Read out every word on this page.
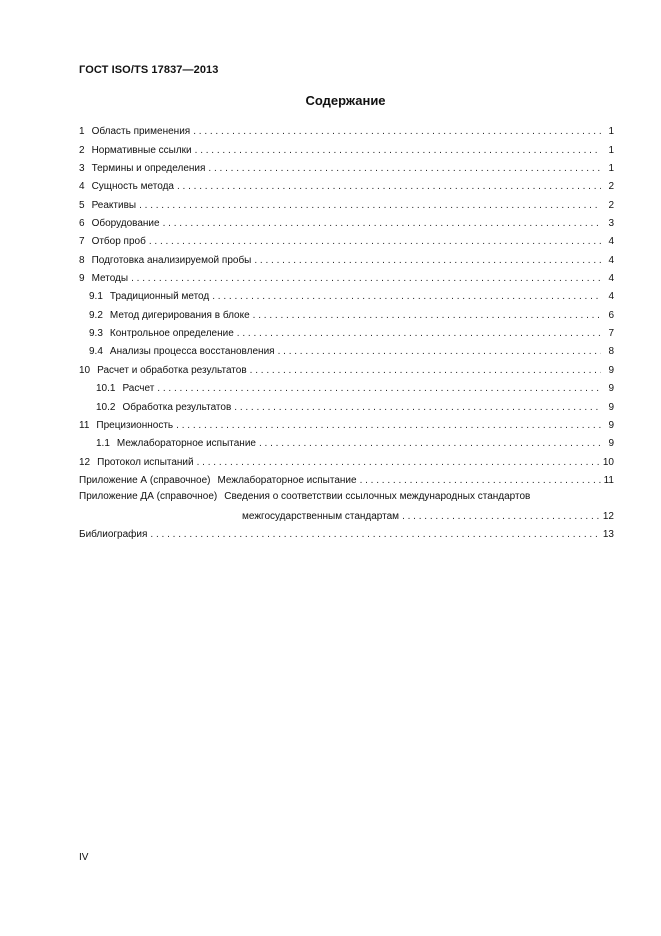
ГОСТ ISO/TS 17837—2013
Содержание
1 Область применения . . .	1
2 Нормативные ссылки . . .	1
3 Термины и определения . . .	1
4 Сущность метода . . .	2
5 Реактивы . . .	2
6 Оборудование . . .	3
7 Отбор проб . . .	4
8 Подготовка анализируемой пробы . . .	4
9 Методы . . .	4
9.1 Традиционный метод . . .	4
9.2 Метод дигерирования в блоке . . .	6
9.3 Контрольное определение . . .	7
9.4 Анализы процесса восстановления . . .	8
10 Расчет и обработка результатов . . .	9
10.1 Расчет . . .	9
10.2 Обработка результатов . . .	9
11 Прецизионность . . .	9
1.1 Межлабораторное испытание . . .	9
12 Протокол испытаний . . .	10
Приложение А (справочное) Межлабораторное испытание . . .	11
Приложение ДА (справочное) Сведения о соответствии ссылочных международных стандартов
межгосударственным стандартам . . .	12
Библиография . . .	13
IV
